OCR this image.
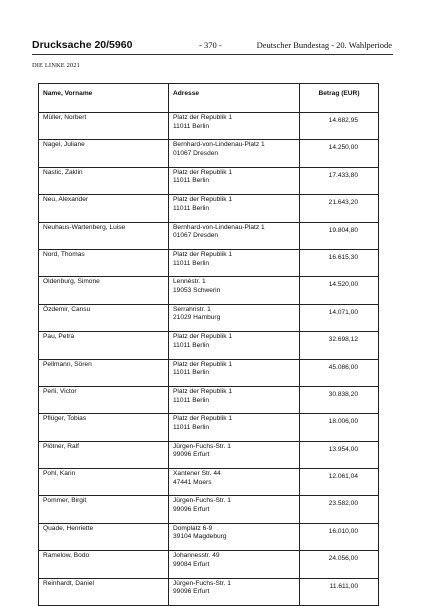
Drucksache 20/5960	- 370 -	Deutscher Bundestag - 20. Wahlperiode
DIE LINKE 2021
Name, Vorname	Adresse	Betrag (EUR)
Müller, Norbert	Platz der Republik 1
11011 Berlin	14.682,95
Nagel, Juliane	Bernhard-von-Lindenau-Platz 1
01067 Dresden	14.250,00
Nastic, Zaklin	Platz der Republik 1
11011 Berlin	17.433,80
Neu, Alexander	Platz der Republik 1
11011 Berlin	21.643,20
Neuhaus-Wartenberg, Luise	Bernhard-von-Lindenau-Platz 1
01067 Dresden	19.804,80
Nord, Thomas	Platz der Republik 1
11011 Berlin	16.615,30
Oldenburg, Simone	Lennéstr. 1
19053 Schwerin	14.520,00
Özdemir, Cansu	Serrahnstr. 1
21029 Hamburg	14.071,00
Pau, Petra	Platz der Republik 1
11011 Berlin	32.698,12
Pellmann, Sören	Platz der Republik 1
11011 Berlin	45.086,00
Perli, Victor	Platz der Republik 1
11011 Berlin	30.838,20
Pflüger, Tobias	Platz der Republik 1
11011 Berlin	18.006,00
Plötner, Ralf	Jürgen-Fuchs-Str. 1
99096 Erfurt	13.954,00
Pohl, Karin	Xantener Str. 44
47441 Moers	12.061,04
Pommer, Birgit	Jürgen-Fuchs-Str. 1
99096 Erfurt	23.582,00
Quade, Henriette	Domplatz 6-9
39104 Magdeburg	16.010,00
Ramelow, Bodo	Johannesstr. 49
99084 Erfurt	24.056,00
Reinhardt, Daniel	Jürgen-Fuchs-Str. 1
99096 Erfurt	11.611,00
